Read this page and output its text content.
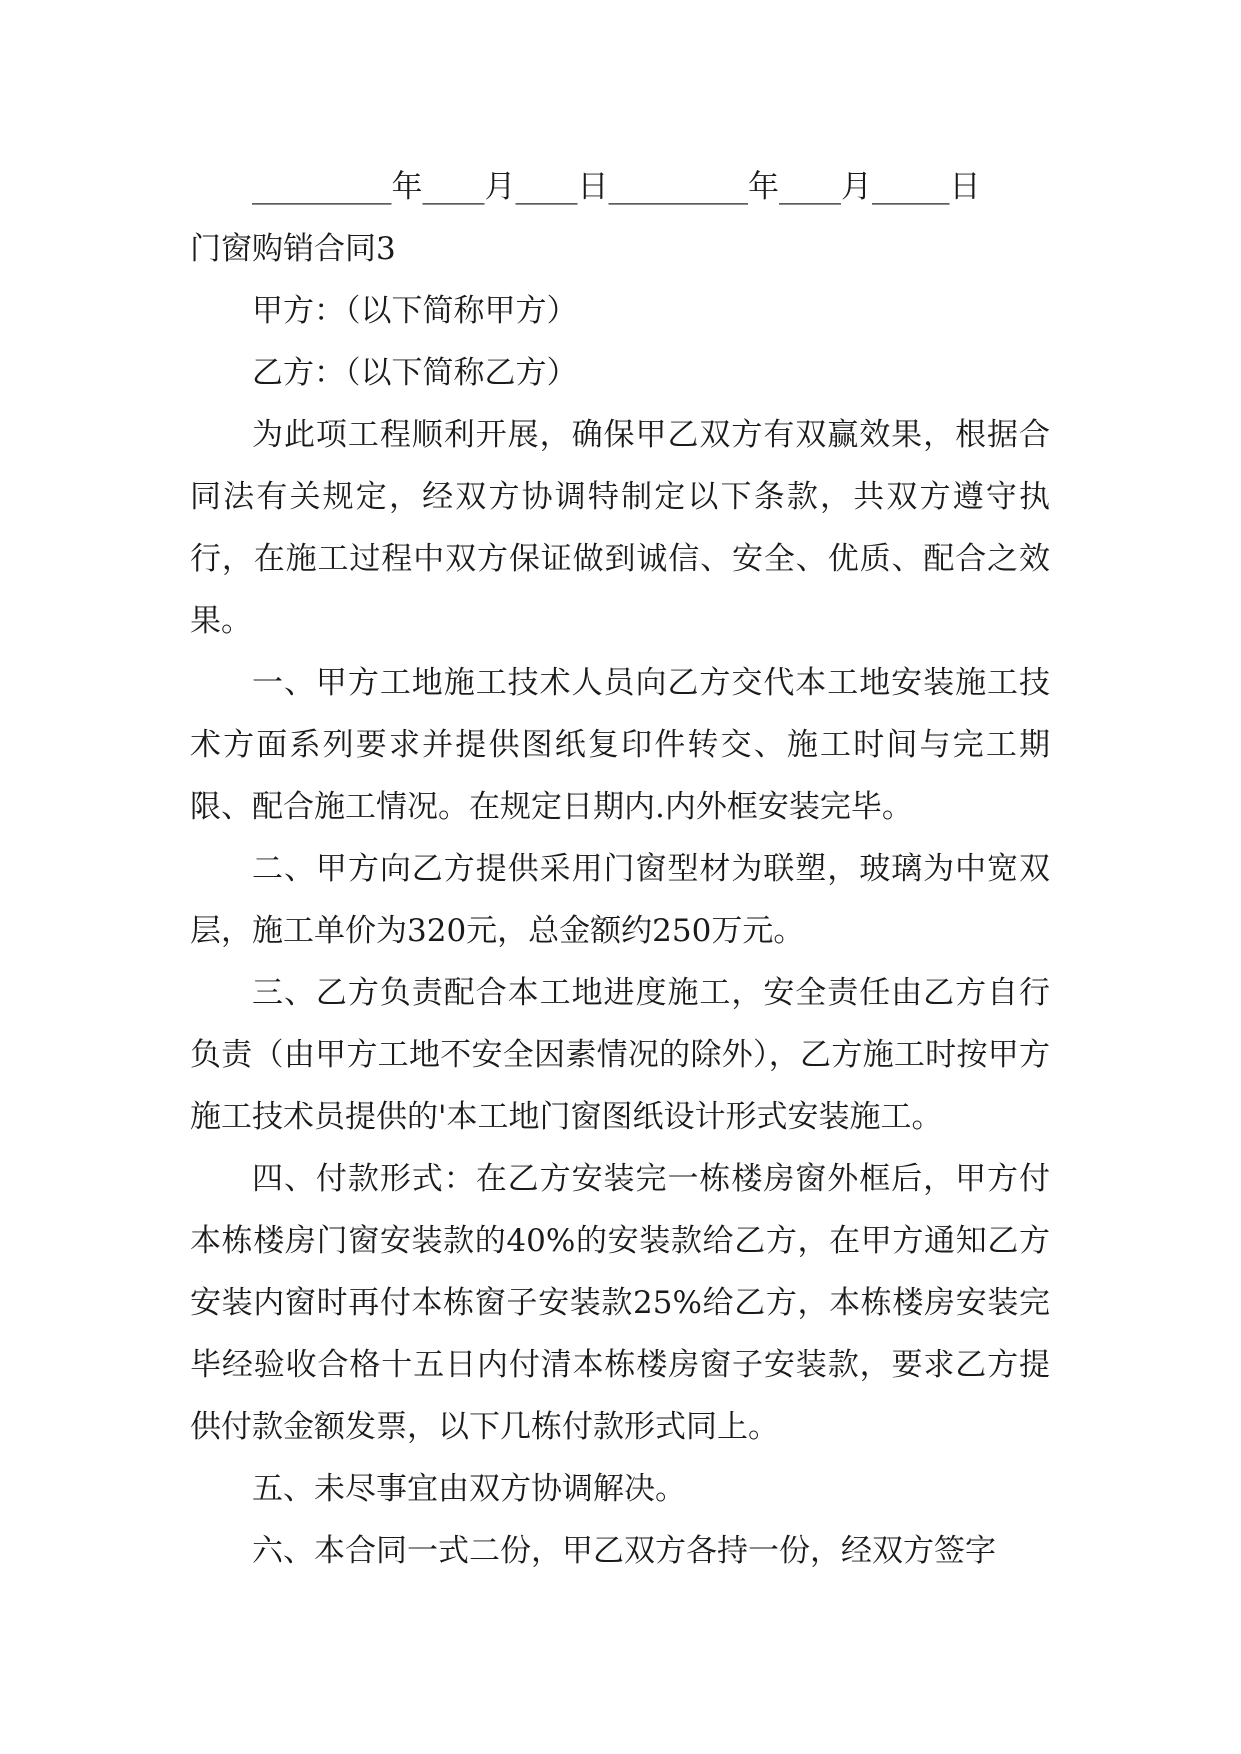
_________年____月____日_________年____月_____日

门窗购销合同3

甲方：（以下简称甲方）

乙方：（以下简称乙方）

为此项工程顺利开展，确保甲乙双方有双赢效果，根据合同法有关规定，经双方协调特制定以下条款，共双方遵守执行，在施工过程中双方保证做到诚信、安全、优质、配合之效果。

一、甲方工地施工技术人员向乙方交代本工地安装施工技术方面系列要求并提供图纸复印件转交、施工时间与完工期限、配合施工情况。在规定日期内.内外框安装完毕。

二、甲方向乙方提供采用门窗型材为联塑，玻璃为中宽双层，施工单价为320元，总金额约250万元。

三、乙方负责配合本工地进度施工，安全责任由乙方自行负责（由甲方工地不安全因素情况的除外），乙方施工时按甲方施工技术员提供的'本工地门窗图纸设计形式安装施工。

四、付款形式：在乙方安装完一栋楼房窗外框后，甲方付本栋楼房门窗安装款的40%的安装款给乙方，在甲方通知乙方安装内窗时再付本栋窗子安装款25%给乙方，本栋楼房安装完毕经验收合格十五日内付清本栋楼房窗子安装款，要求乙方提供付款金额发票，以下几栋付款形式同上。

五、未尽事宜由双方协调解决。

六、本合同一式二份，甲乙双方各持一份，经双方签字
